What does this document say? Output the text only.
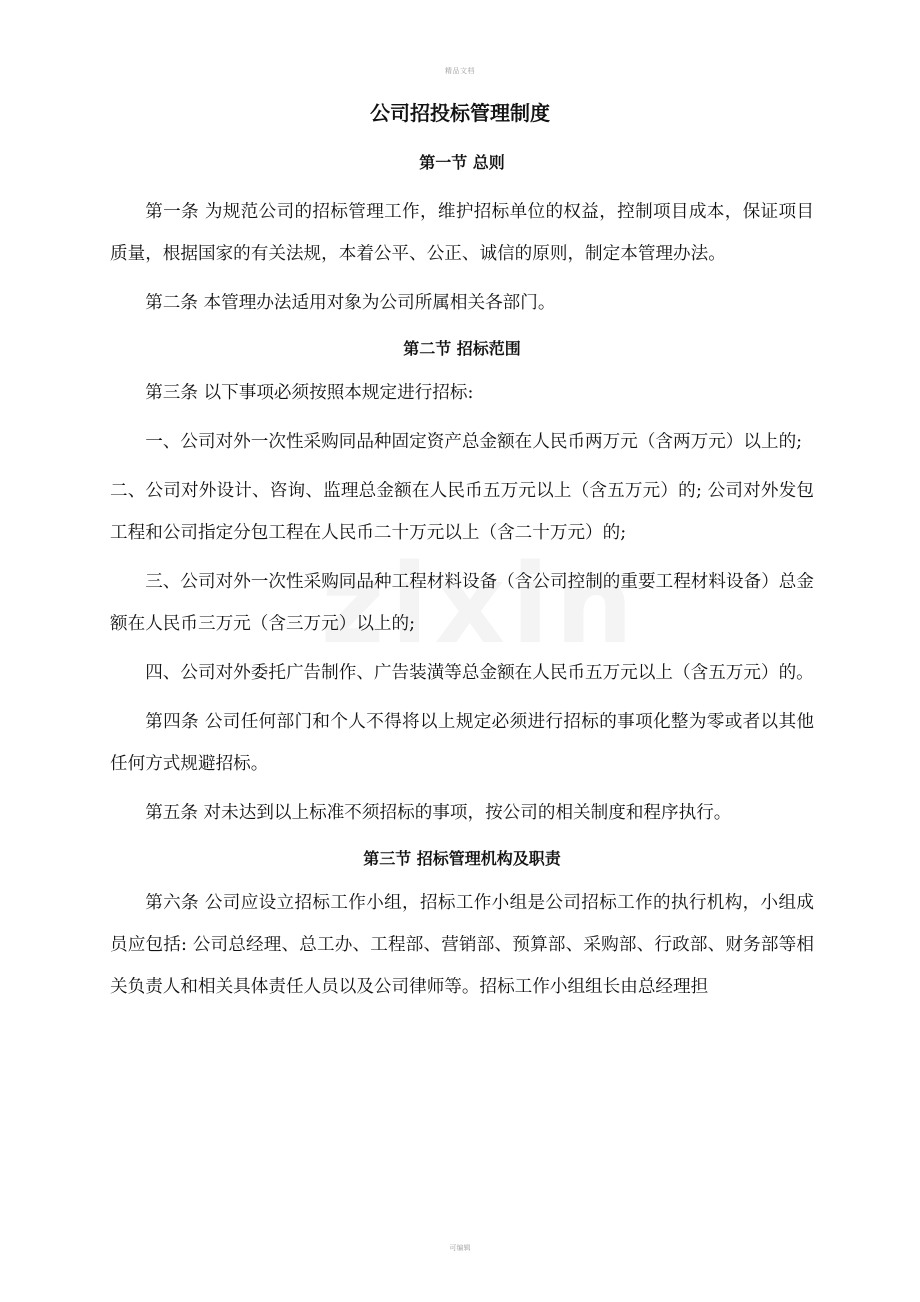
精品文档
公司招投标管理制度
第一节 总则

第一条 为规范公司的招标管理工作，维护招标单位的权益，控制项目成本，保证项目质量，根据国家的有关法规，本着公平、公正、诚信的原则，制定本管理办法。

第二条 本管理办法适用对象为公司所属相关各部门。

第二节 招标范围

第三条 以下事项必须按照本规定进行招标:

一、公司对外一次性采购同品种固定资产总金额在人民币两万元（含两万元）以上的;

二、公司对外设计、咨询、监理总金额在人民币五万元以上（含五万元）的; 公司对外发包工程和公司指定分包工程在人民币二十万元以上（含二十万元）的;

三、公司对外一次性采购同品种工程材料设备（含公司控制的重要工程材料设备）总金额在人民币三万元（含三万元）以上的;

四、公司对外委托广告制作、广告装潢等总金额在人民币五万元以上（含五万元）的。

第四条 公司任何部门和个人不得将以上规定必须进行招标的事项化整为零或者以其他任何方式规避招标。

第五条 对未达到以上标准不须招标的事项，按公司的相关制度和程序执行。

第三节 招标管理机构及职责

第六条 公司应设立招标工作小组，招标工作小组是公司招标工作的执行机构，小组成员应包括: 公司总经理、总工办、工程部、营销部、预算部、采购部、行政部、财务部等相关负责人和相关具体责任人员以及公司律师等。招标工作小组组长由总经理担

可编辑
